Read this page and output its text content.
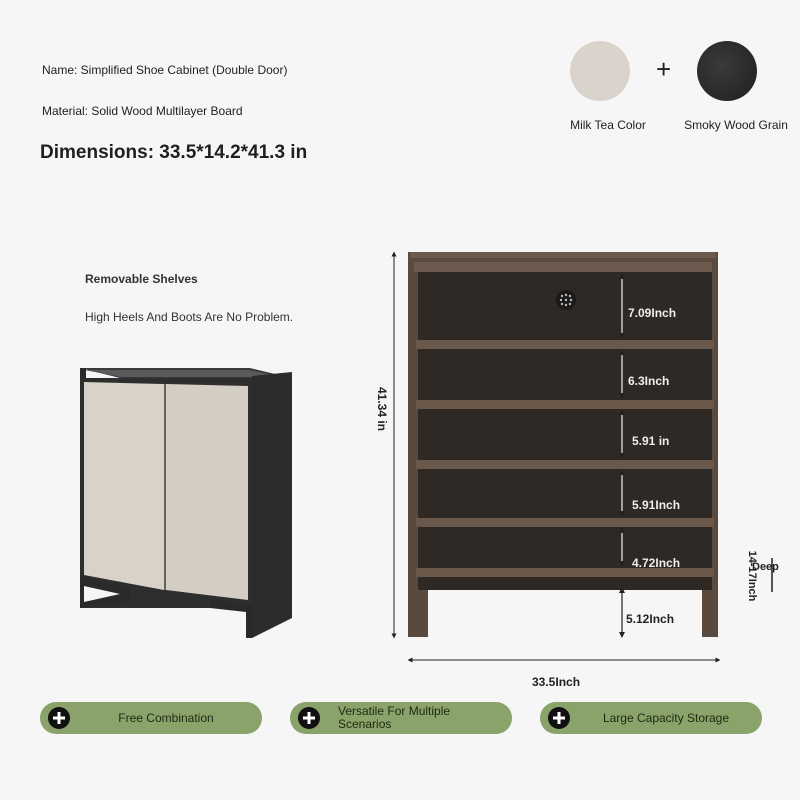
Name: Simplified Shoe Cabinet (Double Door)
Material: Solid Wood Multilayer Board
Dimensions: 33.5*14.2*41.3 in
+
Milk Tea Color	Smoky Wood Grain
Removable Shelves
High Heels And Boots Are No Problem.	7.09Inch
6.3Inch
5.91 in
5.91Inch
4.72Inch
5.12Inch
41.34 in
33.5Inch
14-17Inch
Deep
Free Combination	Versatile For Multiple Scenarios	Large Capacity Storage
